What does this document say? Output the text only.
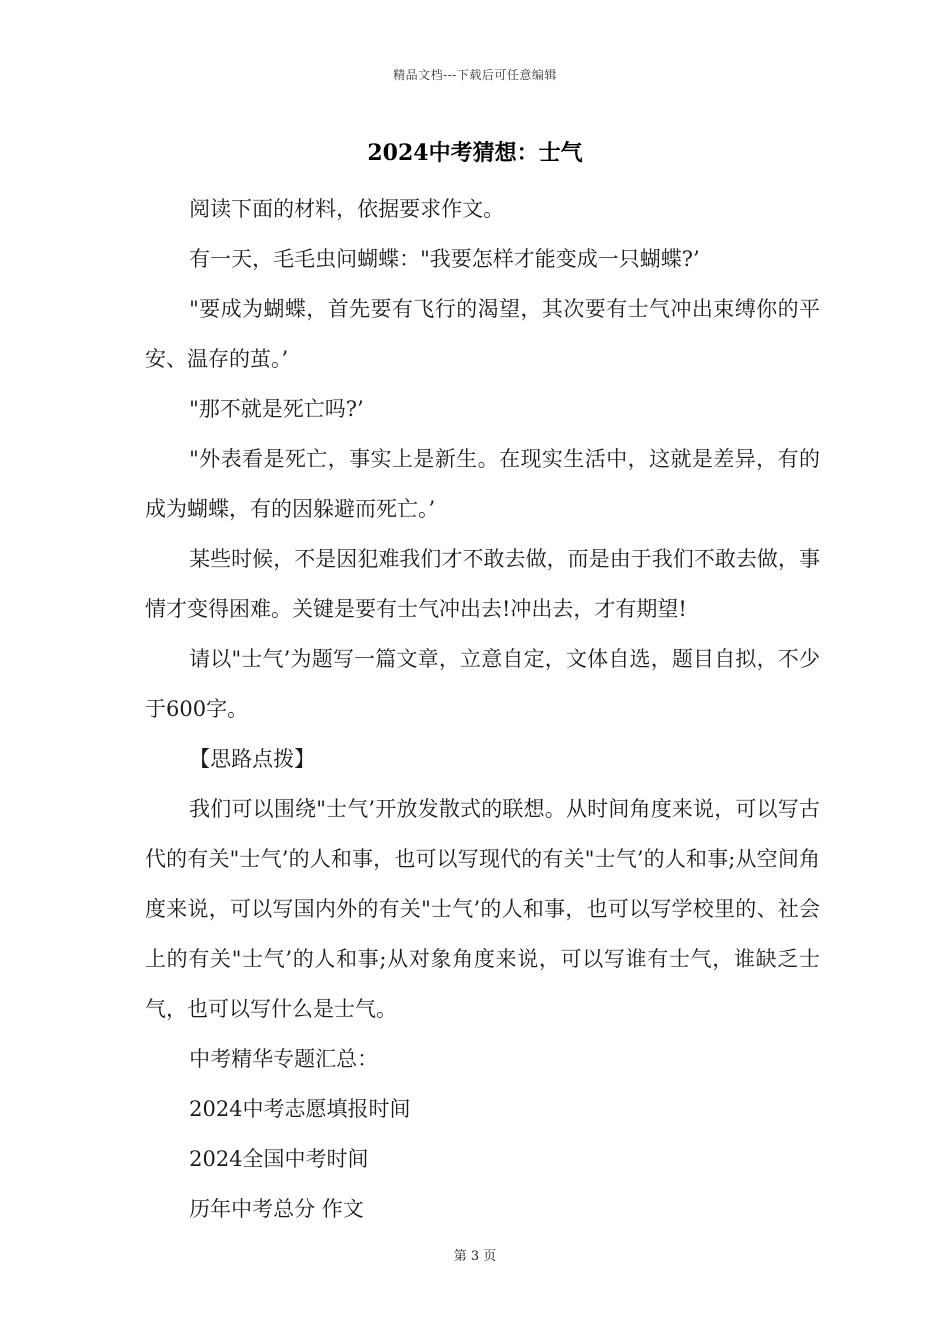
精品文档---下载后可任意编辑
2024中考猜想：士气

阅读下面的材料，依据要求作文。

有一天，毛毛虫问蝴蝶："我要怎样才能变成一只蝴蝶?’

"要成为蝴蝶，首先要有飞行的渴望，其次要有士气冲出束缚你的平安、温存的茧。’

"那不就是死亡吗?’

"外表看是死亡，事实上是新生。在现实生活中，这就是差异，有的成为蝴蝶，有的因躲避而死亡。’

某些时候，不是因犯难我们才不敢去做，而是由于我们不敢去做，事情才变得困难。关键是要有士气冲出去!冲出去，才有期望!

请以"士气’为题写一篇文章，立意自定，文体自选，题目自拟，不少于600字。

【思路点拨】

我们可以围绕"士气’开放发散式的联想。从时间角度来说，可以写古代的有关"士气’的人和事，也可以写现代的有关"士气’的人和事;从空间角度来说，可以写国内外的有关"士气’的人和事，也可以写学校里的、社会上的有关"士气’的人和事;从对象角度来说，可以写谁有士气，谁缺乏士气，也可以写什么是士气。

中考精华专题汇总：

2024中考志愿填报时间

2024全国中考时间

历年中考总分 作文

第 3 页
